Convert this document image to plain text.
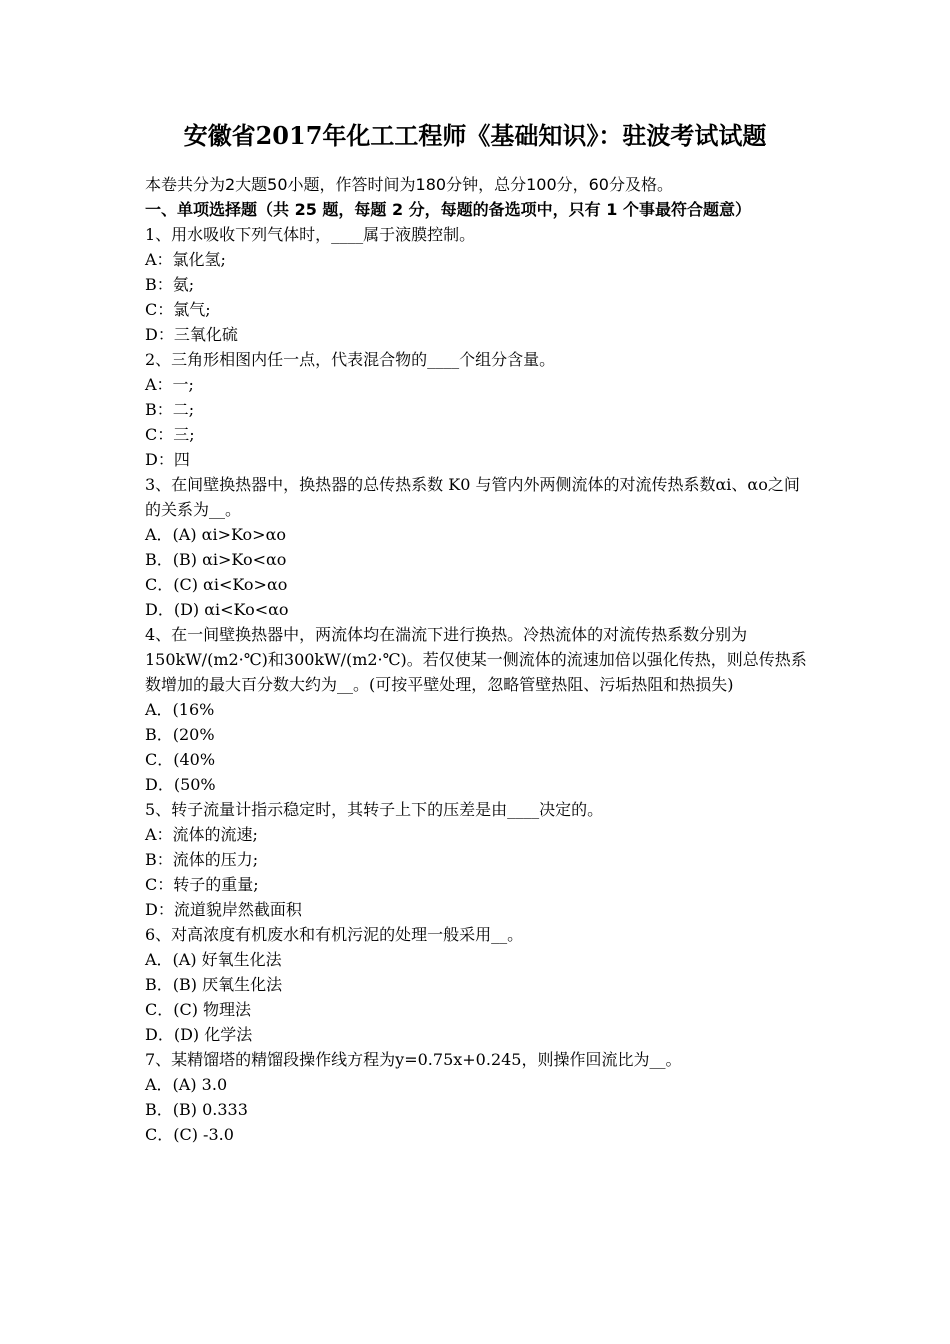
安徽省2017年化工工程师《基础知识》：驻波考试试题
本卷共分为2大题50小题，作答时间为180分钟，总分100分，60分及格。
一、单项选择题（共 25 题，每题 2 分，每题的备选项中，只有 1 个事最符合题意）
1、用水吸收下列气体时，____属于液膜控制。
A：氯化氢;
B：氨;
C：氯气;
D：三氧化硫
2、三角形相图内任一点，代表混合物的____个组分含量。
A：一;
B：二;
C：三;
D：四
3、在间壁换热器中，换热器的总传热系数 K0 与管内外两侧流体的对流传热系数αi、αo之间的关系为__。
A．(A) αi>Ko>αo
B．(B) αi>Ko<αo
C．(C) αi<Ko>αo
D．(D) αi<Ko<αo
4、在一间壁换热器中，两流体均在湍流下进行换热。冷热流体的对流传热系数分别为150kW/(m2·℃)和300kW/(m2·℃)。若仅使某一侧流体的流速加倍以强化传热，则总传热系数增加的最大百分数大约为__。(可按平壁处理，忽略管壁热阻、污垢热阻和热损失)
A．(16%
B．(20%
C．(40%
D．(50%
5、转子流量计指示稳定时，其转子上下的压差是由____决定的。
A：流体的流速;
B：流体的压力;
C：转子的重量;
D：流道貌岸然截面积
6、对高浓度有机废水和有机污泥的处理一般采用__。
A．(A) 好氧生化法
B．(B) 厌氧生化法
C．(C) 物理法
D．(D) 化学法
7、某精馏塔的精馏段操作线方程为y=0.75x+0.245，则操作回流比为__。
A．(A) 3.0
B．(B) 0.333
C．(C) -3.0
